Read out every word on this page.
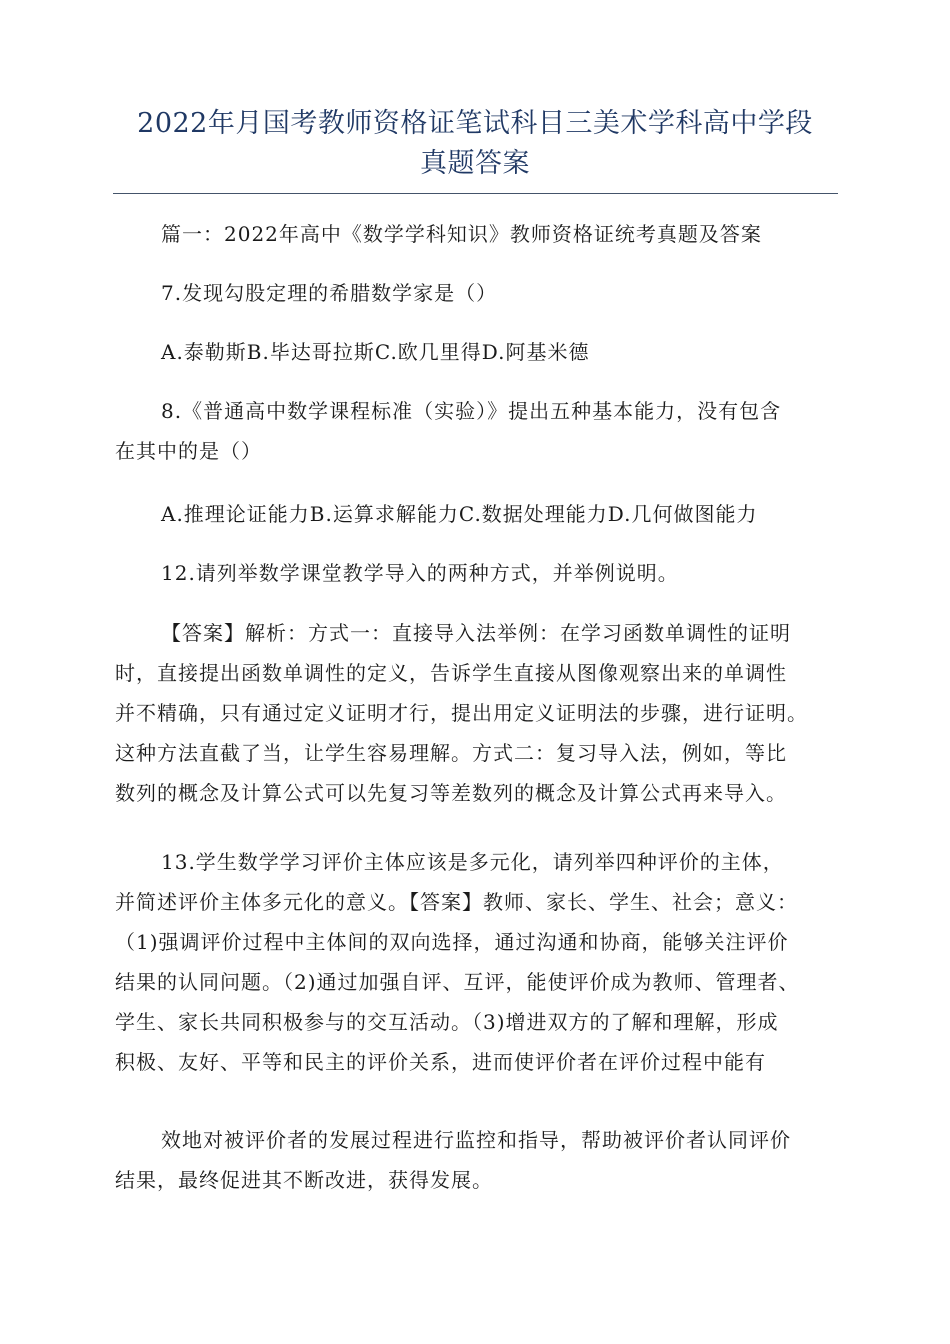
2022年月国考教师资格证笔试科目三美术学科高中学段
真题答案

篇一：2022年高中《数学学科知识》教师资格证统考真题及答案

7.发现勾股定理的希腊数学家是（）

A.泰勒斯B.毕达哥拉斯C.欧几里得D.阿基米德

8.《普通高中数学课程标准（实验）》提出五种基本能力，没有包含
在其中的是（）

A.推理论证能力B.运算求解能力C.数据处理能力D.几何做图能力

12.请列举数学课堂教学导入的两种方式，并举例说明。

【答案】解析：方式一：直接导入法举例：在学习函数单调性的证明
时，直接提出函数单调性的定义，告诉学生直接从图像观察出来的单调性
并不精确，只有通过定义证明才行，提出用定义证明法的步骤，进行证明。
这种方法直截了当，让学生容易理解。方式二：复习导入法，例如，等比
数列的概念及计算公式可以先复习等差数列的概念及计算公式再来导入。
13.学生数学学习评价主体应该是多元化，请列举四种评价的主体，
并简述评价主体多元化的意义。【答案】教师、家长、学生、社会；意义：
（1)强调评价过程中主体间的双向选择，通过沟通和协商，能够关注评价
结果的认同问题。（2)通过加强自评、互评，能使评价成为教师、管理者、
学生、家长共同积极参与的交互活动。（3)增进双方的了解和理解，形成
积极、友好、平等和民主的评价关系，进而使评价者在评价过程中能有
效地对被评价者的发展过程进行监控和指导，帮助被评价者认同评价
结果，最终促进其不断改进，获得发展。
